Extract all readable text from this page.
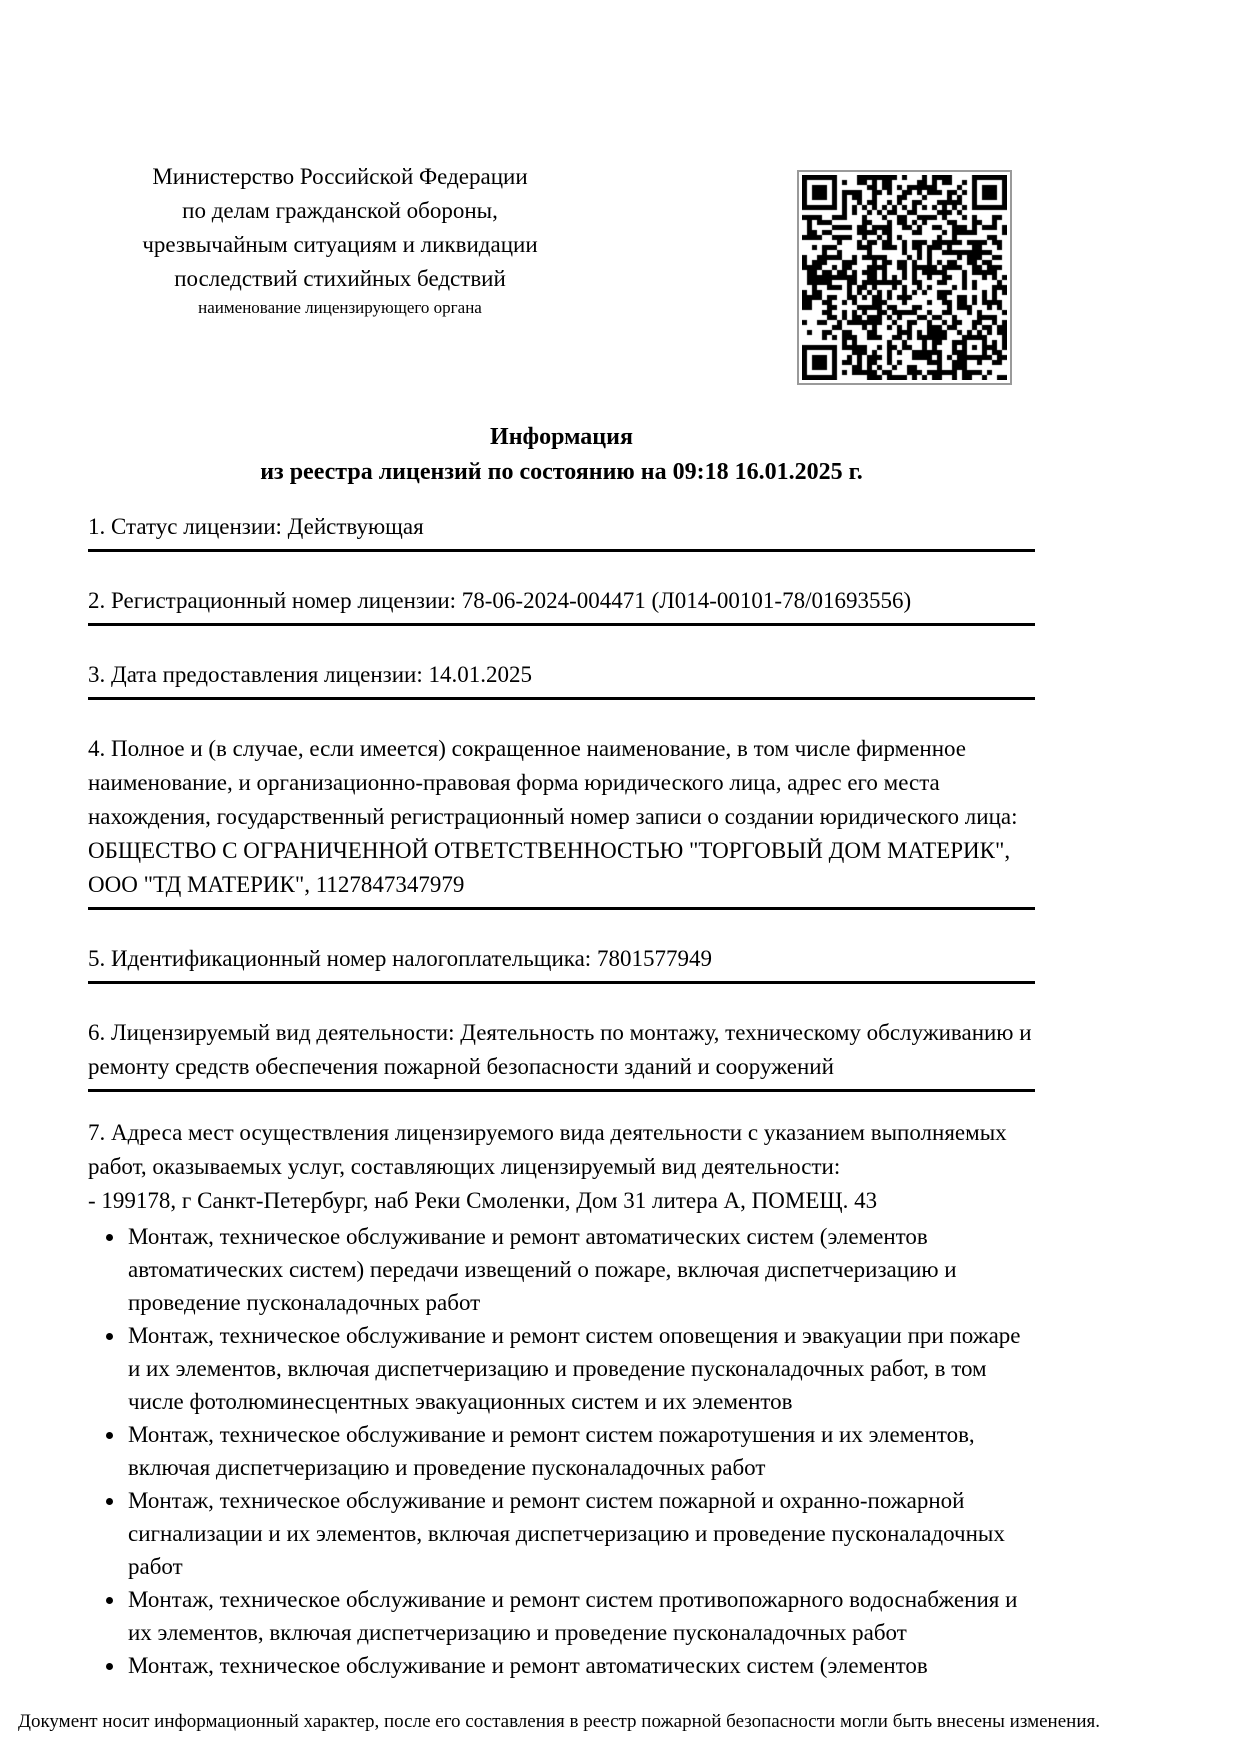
Министерство Российской Федерации
по делам гражданской обороны,
чрезвычайным ситуациям и ликвидации
последствий стихийных бедствий
наименование лицензирующего органа
Информация
из реестра лицензий по состоянию на 09:18 16.01.2025 г.
1. Статус лицензии: Действующая
2. Регистрационный номер лицензии: 78-06-2024-004471 (Л014-00101-78/01693556)
3. Дата предоставления лицензии: 14.01.2025
4. Полное и (в случае, если имеется) сокращенное наименование, в том числе фирменное наименование, и организационно-правовая форма юридического лица, адрес его места нахождения, государственный регистрационный номер записи о создании юридического лица: ОБЩЕСТВО С ОГРАНИЧЕННОЙ ОТВЕТСТВЕННОСТЬЮ "ТОРГОВЫЙ ДОМ МАТЕРИК", ООО "ТД МАТЕРИК", 1127847347979
5. Идентификационный номер налогоплательщика: 7801577949
6. Лицензируемый вид деятельности: Деятельность по монтажу, техническому обслуживанию и ремонту средств обеспечения пожарной безопасности зданий и сооружений

7. Адреса мест осуществления лицензируемого вида деятельности с указанием выполняемых работ, оказываемых услуг, составляющих лицензируемый вид деятельности:

- 199178, г Санкт-Петербург, наб Реки Смоленки, Дом 31 литера А, ПОМЕЩ. 43

• Монтаж, техническое обслуживание и ремонт автоматических систем (элементов автоматических систем) передачи извещений о пожаре, включая диспетчеризацию и проведение пусконаладочных работ
• Монтаж, техническое обслуживание и ремонт систем оповещения и эвакуации при пожаре и их элементов, включая диспетчеризацию и проведение пусконаладочных работ, в том числе фотолюминесцентных эвакуационных систем и их элементов
• Монтаж, техническое обслуживание и ремонт систем пожаротушения и их элементов, включая диспетчеризацию и проведение пусконаладочных работ
• Монтаж, техническое обслуживание и ремонт систем пожарной и охранно-пожарной сигнализации и их элементов, включая диспетчеризацию и проведение пусконаладочных работ
• Монтаж, техническое обслуживание и ремонт систем противопожарного водоснабжения и их элементов, включая диспетчеризацию и проведение пусконаладочных работ
• Монтаж, техническое обслуживание и ремонт автоматических систем (элементов
Документ носит информационный характер, после его составления в реестр пожарной безопасности могли быть внесены изменения.
